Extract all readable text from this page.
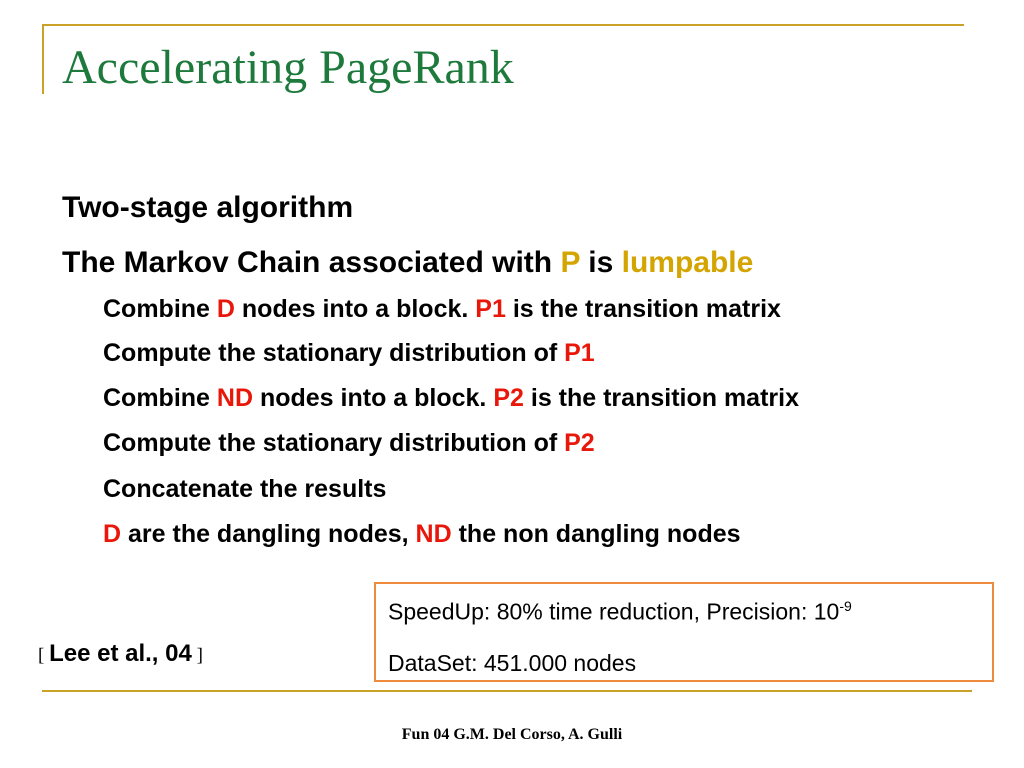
Accelerating PageRank
Two-stage algorithm
The Markov Chain associated with P is lumpable
Combine D nodes into a block. P1 is the transition matrix
Compute the stationary distribution of P1
Combine ND nodes into a block. P2 is the transition matrix
Compute the stationary distribution of P2
Concatenate the results
D are the dangling nodes, ND the non dangling nodes
SpeedUp: 80% time reduction, Precision: $10^{-9}$
DataSet: 451.000 nodes
[ Lee et al., 04 ]
Fun 04 G.M. Del Corso, A. Gulli
